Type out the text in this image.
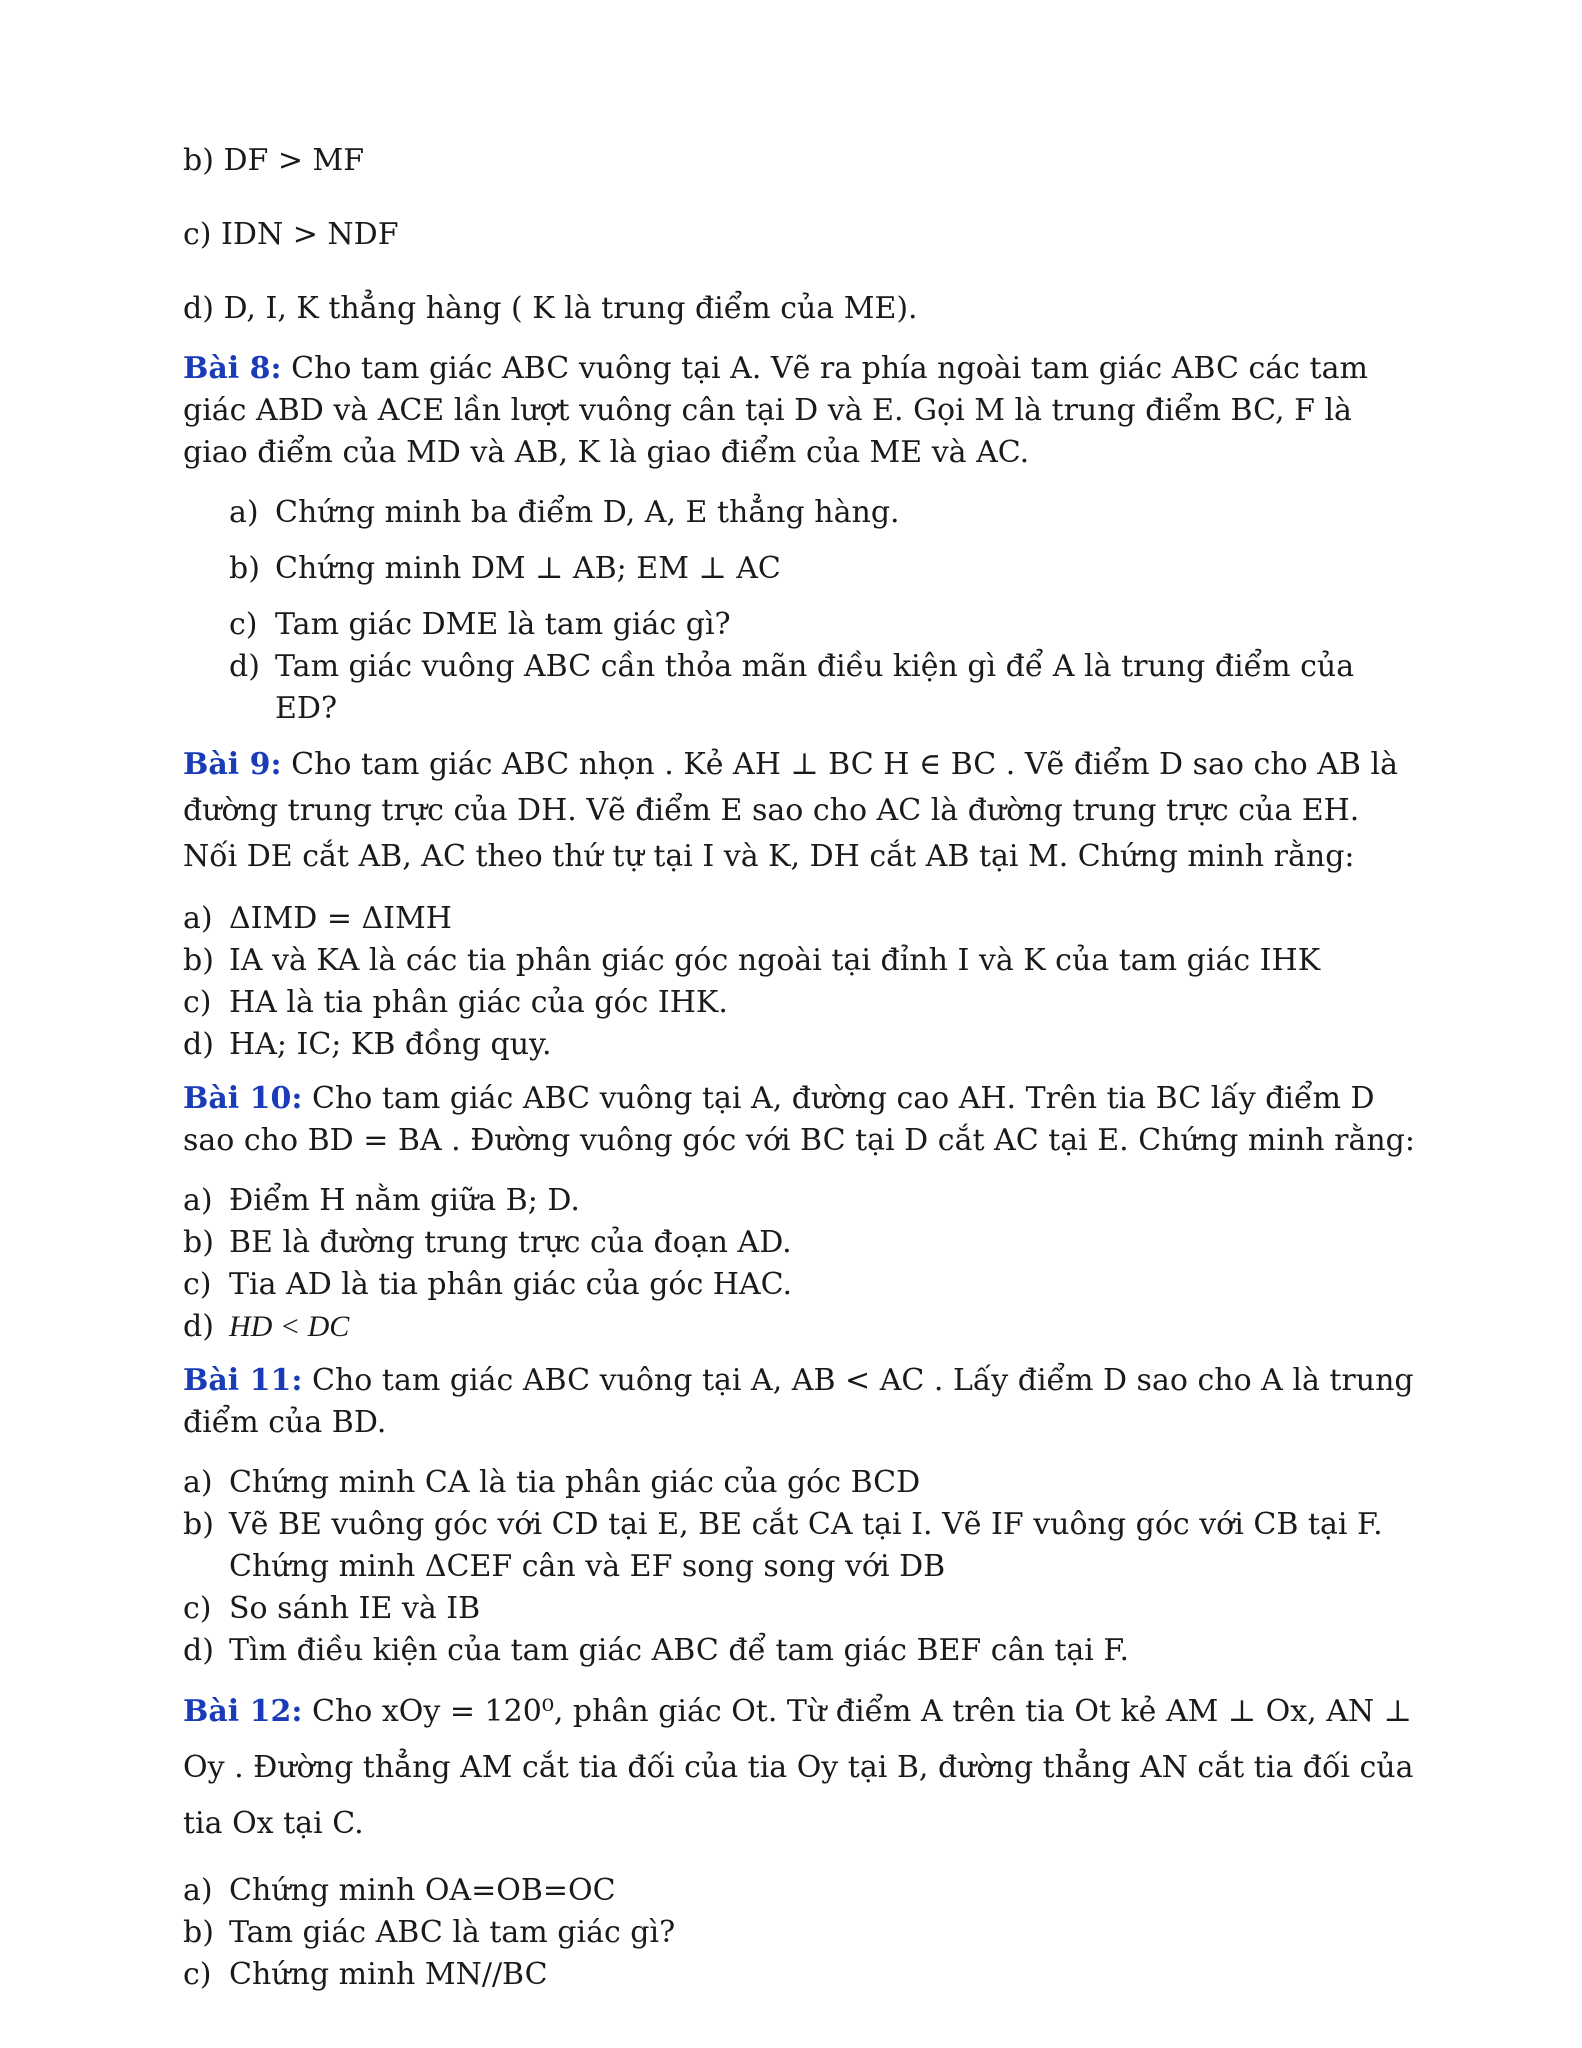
b) DF > MF

c) IDN > NDF

d) D, I, K thẳng hàng ( K là trung điểm của ME).

Bài 8: Cho tam giác ABC vuông tại A. Vẽ ra phía ngoài tam giác ABC các tam giác ABD và ACE lần lượt vuông cân tại D và E. Gọi M là trung điểm BC, F là giao điểm của MD và AB, K là giao điểm của ME và AC.

a) Chứng minh ba điểm D, A, E thẳng hàng.
b) Chứng minh DM ⊥ AB; EM ⊥ AC
c) Tam giác DME là tam giác gì?
d) Tam giác vuông ABC cần thỏa mãn điều kiện gì để A là trung điểm của ED?

Bài 9: Cho tam giác ABC nhọn . Kẻ AH ⊥ BC H ∈ BC . Vẽ điểm D sao cho AB là đường trung trực của DH. Vẽ điểm E sao cho AC là đường trung trực của EH. Nối DE cắt AB, AC theo thứ tự tại I và K, DH cắt AB tại M. Chứng minh rằng:

a) ΔIMD = ΔIMH
b) IA và KA là các tia phân giác góc ngoài tại đỉnh I và K của tam giác IHK
c) HA là tia phân giác của góc IHK.
d) HA; IC; KB đồng quy.

Bài 10: Cho tam giác ABC vuông tại A, đường cao AH. Trên tia BC lấy điểm D sao cho BD = BA . Đường vuông góc với BC tại D cắt AC tại E. Chứng minh rằng:

a) Điểm H nằm giữa B; D.
b) BE là đường trung trực của đoạn AD.
c) Tia AD là tia phân giác của góc HAC.
d) HD < DC

Bài 11: Cho tam giác ABC vuông tại A, AB < AC . Lấy điểm D sao cho A là trung điểm của BD.

a) Chứng minh CA là tia phân giác của góc BCD
b) Vẽ BE vuông góc với CD tại E, BE cắt CA tại I. Vẽ IF vuông góc với CB tại F. Chứng minh ΔCEF cân và EF song song với DB
c) So sánh IE và IB
d) Tìm điều kiện của tam giác ABC để tam giác BEF cân tại F.

Bài 12: Cho xOy = 120⁰, phân giác Ot. Từ điểm A trên tia Ot kẻ AM ⊥ Ox, AN ⊥ Oy . Đường thẳng AM cắt tia đối của tia Oy tại B, đường thẳng AN cắt tia đối của tia Ox tại C.

a) Chứng minh OA=OB=OC
b) Tam giác ABC là tam giác gì?
c) Chứng minh MN//BC
